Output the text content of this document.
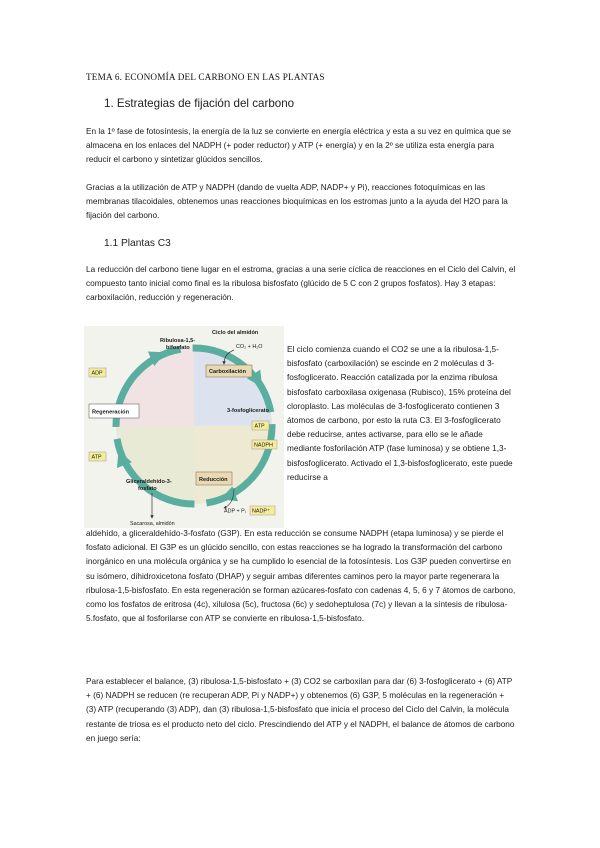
TEMA 6. ECONOMÍA DEL CARBONO EN LAS PLANTAS
1. Estrategias de fijación del carbono
En la 1º fase de fotosíntesis, la energía de la luz se convierte en energía eléctrica y esta a su vez en química que se almacena en los enlaces del NADPH (+ poder reductor) y ATP (+ energía) y en la 2º se utiliza esta energía para reducir el carbono y sintetizar glúcidos sencillos.
Gracias a la utilización de ATP y NADPH (dando de vuelta ADP, NADP+ y Pi), reacciones fotoquímicas en las membranas tilacoidales, obtenemos unas reacciones bioquímicas en los estromas junto a la ayuda del H2O para la fijación del carbono.
1.1 Plantas C3
La reducción del carbono tiene lugar en el estroma, gracias a una serie cíclica de reacciones en el Ciclo del Calvin, el compuesto tanto inicial como final es la ribulosa bisfosfato (glúcido de 5 C con 2 grupos fosfatos). Hay 3 etapas: carboxilación, reducción y regeneración.
Ciclo del almidón
CO₂ + H₂O
Ribulosa-1,5-
bifosfato
Carboxilación
3-fosfoglicerato
Regeneración
ADP
ATP
ATP
NADPH
Reducción
NADP⁺
ADP + Pᵢ
Gliceraldehído-3-
fosfato
Sacarosa, almidón
El ciclo comienza cuando el CO2 se une a la ribulosa-1,5-bisfosfato (carboxilación) se escinde en 2 moléculas d 3-fosfoglicerato. Reacción catalizada por la enzima ribulosa bisfosfato carboxilasa oxigenasa (Rubisco), 15% proteína del cloroplasto. Las moléculas de 3-fosfoglicerato contienen 3 átomos de carbono, por esto la ruta C3. El 3-fosfoglicerato debe reducirse, antes activarse, para ello se le añade mediante fosforilación ATP (fase luminosa) y se obtiene 1,3-bisfosfoglicerato. Activado el 1,3-bisfosfoglicerato, este puede reducirse a
aldehído, a gliceraldehído-3-fosfato (G3P). En esta reducción se consume NADPH (etapa luminosa) y se pierde el fosfato adicional. El G3P es un glúcido sencillo, con estas reacciones se ha logrado la transformación del carbono inorgánico en una molécula orgánica y se ha cumplido lo esencial de la fotosíntesis. Los G3P pueden convertirse en su isómero, dihidroxicetona fosfato (DHAP) y seguir ambas diferentes caminos pero la mayor parte regenerara la ribulosa-1,5-bisfosfato. En esta regeneración se forman azúcares-fosfato con cadenas 4, 5, 6 y 7 átomos de carbono, como los fosfatos de eritrosa (4c), xilulosa (5c), fructosa (6c) y sedoheptulosa (7c) y llevan a la síntesis de ribulosa-5.fosfato, que al fosforilarse con ATP se convierte en ribulosa-1,5-bisfosfato.
Para establecer el balance, (3) ribulosa-1,5-bisfosfato + (3) CO2 se carboxilan para dar (6) 3-fosfoglicerato + (6) ATP + (6) NADPH se reducen (re recuperan ADP, Pi y NADP+) y obtenemos (6) G3P, 5 moléculas en la regeneración + (3) ATP (recuperando (3) ADP), dan (3) ribulosa-1,5-bisfosfato que inicia el proceso del Ciclo del Calvin, la molécula restante de triosa es el producto neto del ciclo. Prescindiendo del ATP y el NADPH, el balance de átomos de carbono en juego sería:
